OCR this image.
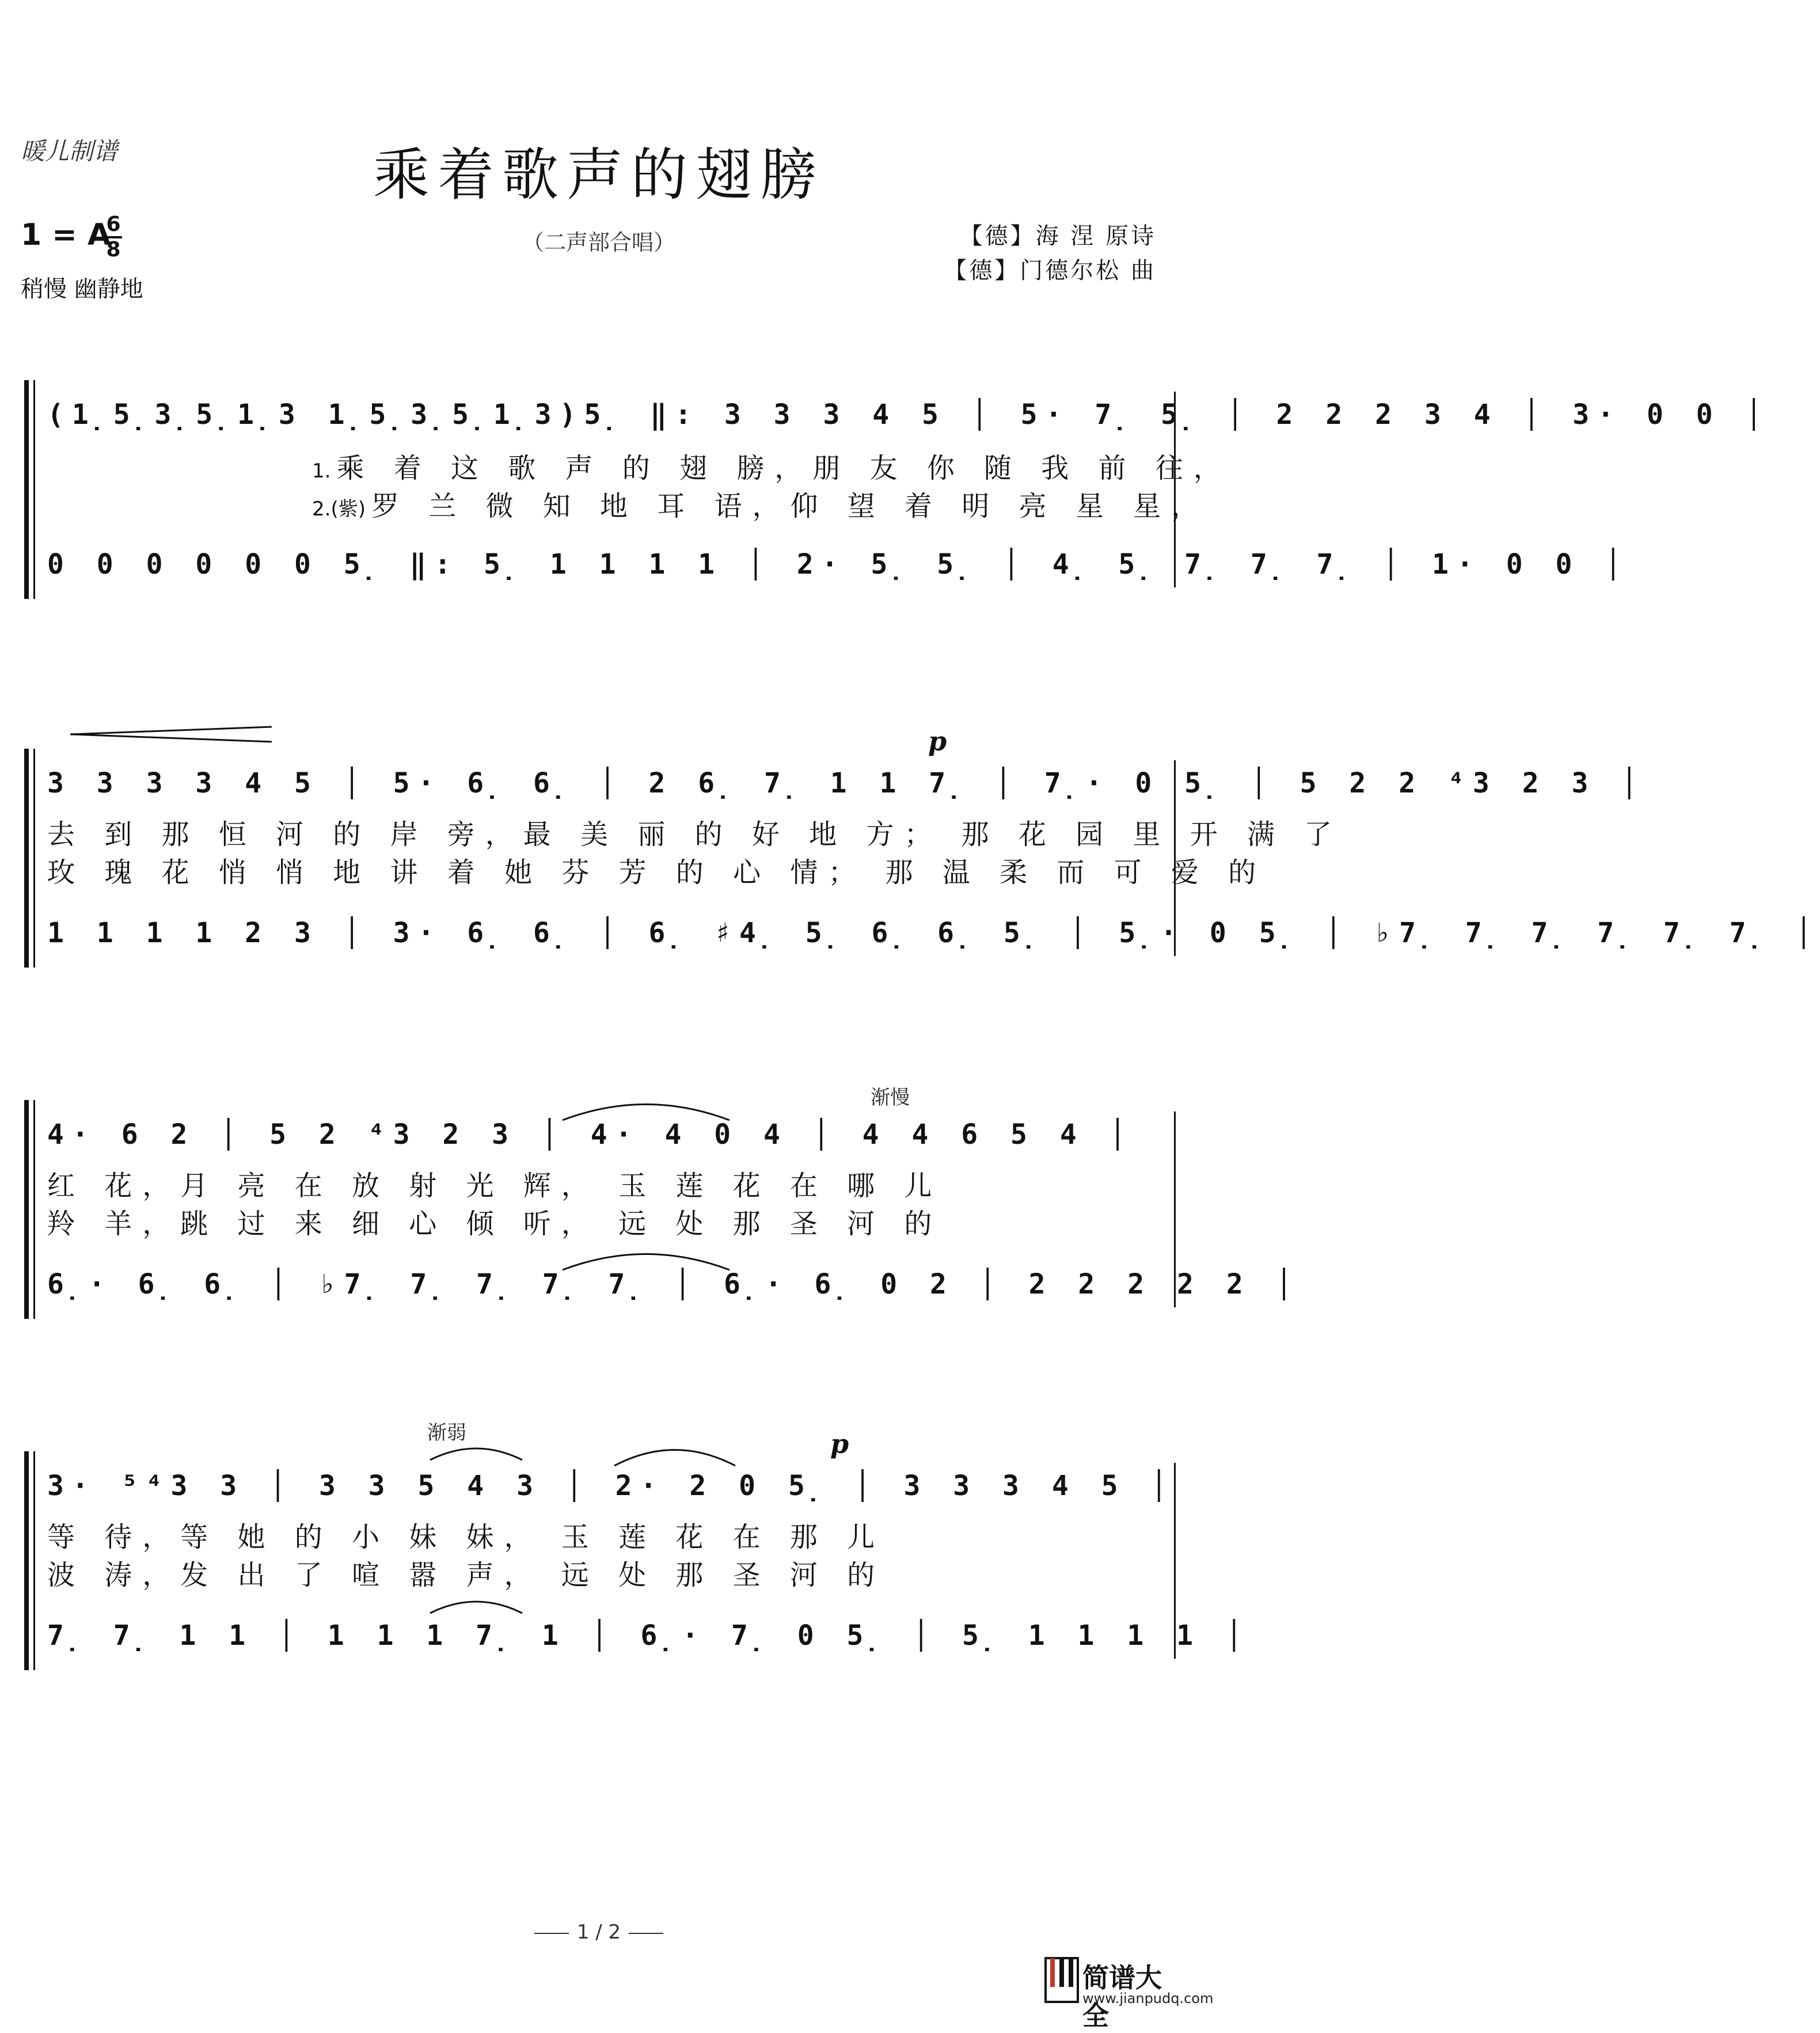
暖儿制谱	乘着歌声的翅膀
1 = A
6
8
稍慢 幽静地
（二声部合唱）	【德】海 涅 原诗
【德】门德尔松 曲
(1̣5̣3̣5̣1̣3 1̣5̣3̣5̣1̣3)5̣ ‖: 3 3 3 4 5 │ 5· 7̣ 5̣ │ 2 2 2 3 4 │ 3· 0 0 │
1. 乘 着 这 歌 声 的 翅 膀，朋 友 你 随 我 前 往，
2.(紫) 罗 兰 微 知 地 耳 语，仰 望 着 明 亮 星 星，
0 0 0 0 0 0 5̣ ‖: 5̣ 1 1 1 1 │ 2· 5̣ 5̣ │ 4̣ 5̣ 7̣ 7̣ 7̣ │ 1· 0 0 │
p
3 3 3 3 4 5 │ 5· 6̣ 6̣ │ 2 6̣ 7̣ 1 1 7̣ │ 7̣· 0 5̣ │ 5 2 2 ⁴3 2 3 │
去 到 那 恒 河 的 岸 旁，最 美 丽 的 好 地 方； 那 花 园 里 开 满 了
玫 瑰 花 悄 悄 地 讲 着 她 芬 芳 的 心 情； 那 温 柔 而 可 爱 的
1 1 1 1 2 3 │ 3· 6̣ 6̣ │ 6̣ ♯4̣ 5̣ 6̣ 6̣ 5̣ │ 5̣· 0 5̣ │ ♭7̣ 7̣ 7̣ 7̣ 7̣ 7̣ │
渐慢
4· 6 2 │ 5 2 ⁴3 2 3 │ 4· 4 0 4 │ 4 4 6 5 4 │
红 花，月 亮 在 放 射 光 辉， 玉 莲 花 在 哪 儿
羚 羊，跳 过 来 细 心 倾 听， 远 处 那 圣 河 的
6̣· 6̣ 6̣ │ ♭7̣ 7̣ 7̣ 7̣ 7̣ │ 6̣· 6̣ 0 2 │ 2 2 2 2 2 │
渐弱	p
3· ⁵⁴3 3 │ 3 3 5 4 3 │ 2· 2 0 5̣ │ 3 3 3 4 5 │
等 待，等 她 的 小 妹 妹， 玉 莲 花 在 那 儿
波 涛，发 出 了 喧 嚣 声， 远 处 那 圣 河 的
7̣ 7̣ 1 1 │ 1 1 1 7̣ 1 │ 6̣· 7̣ 0 5̣ │ 5̣ 1 1 1 1 │
1 / 2
简谱大全
www.jianpudq.com
